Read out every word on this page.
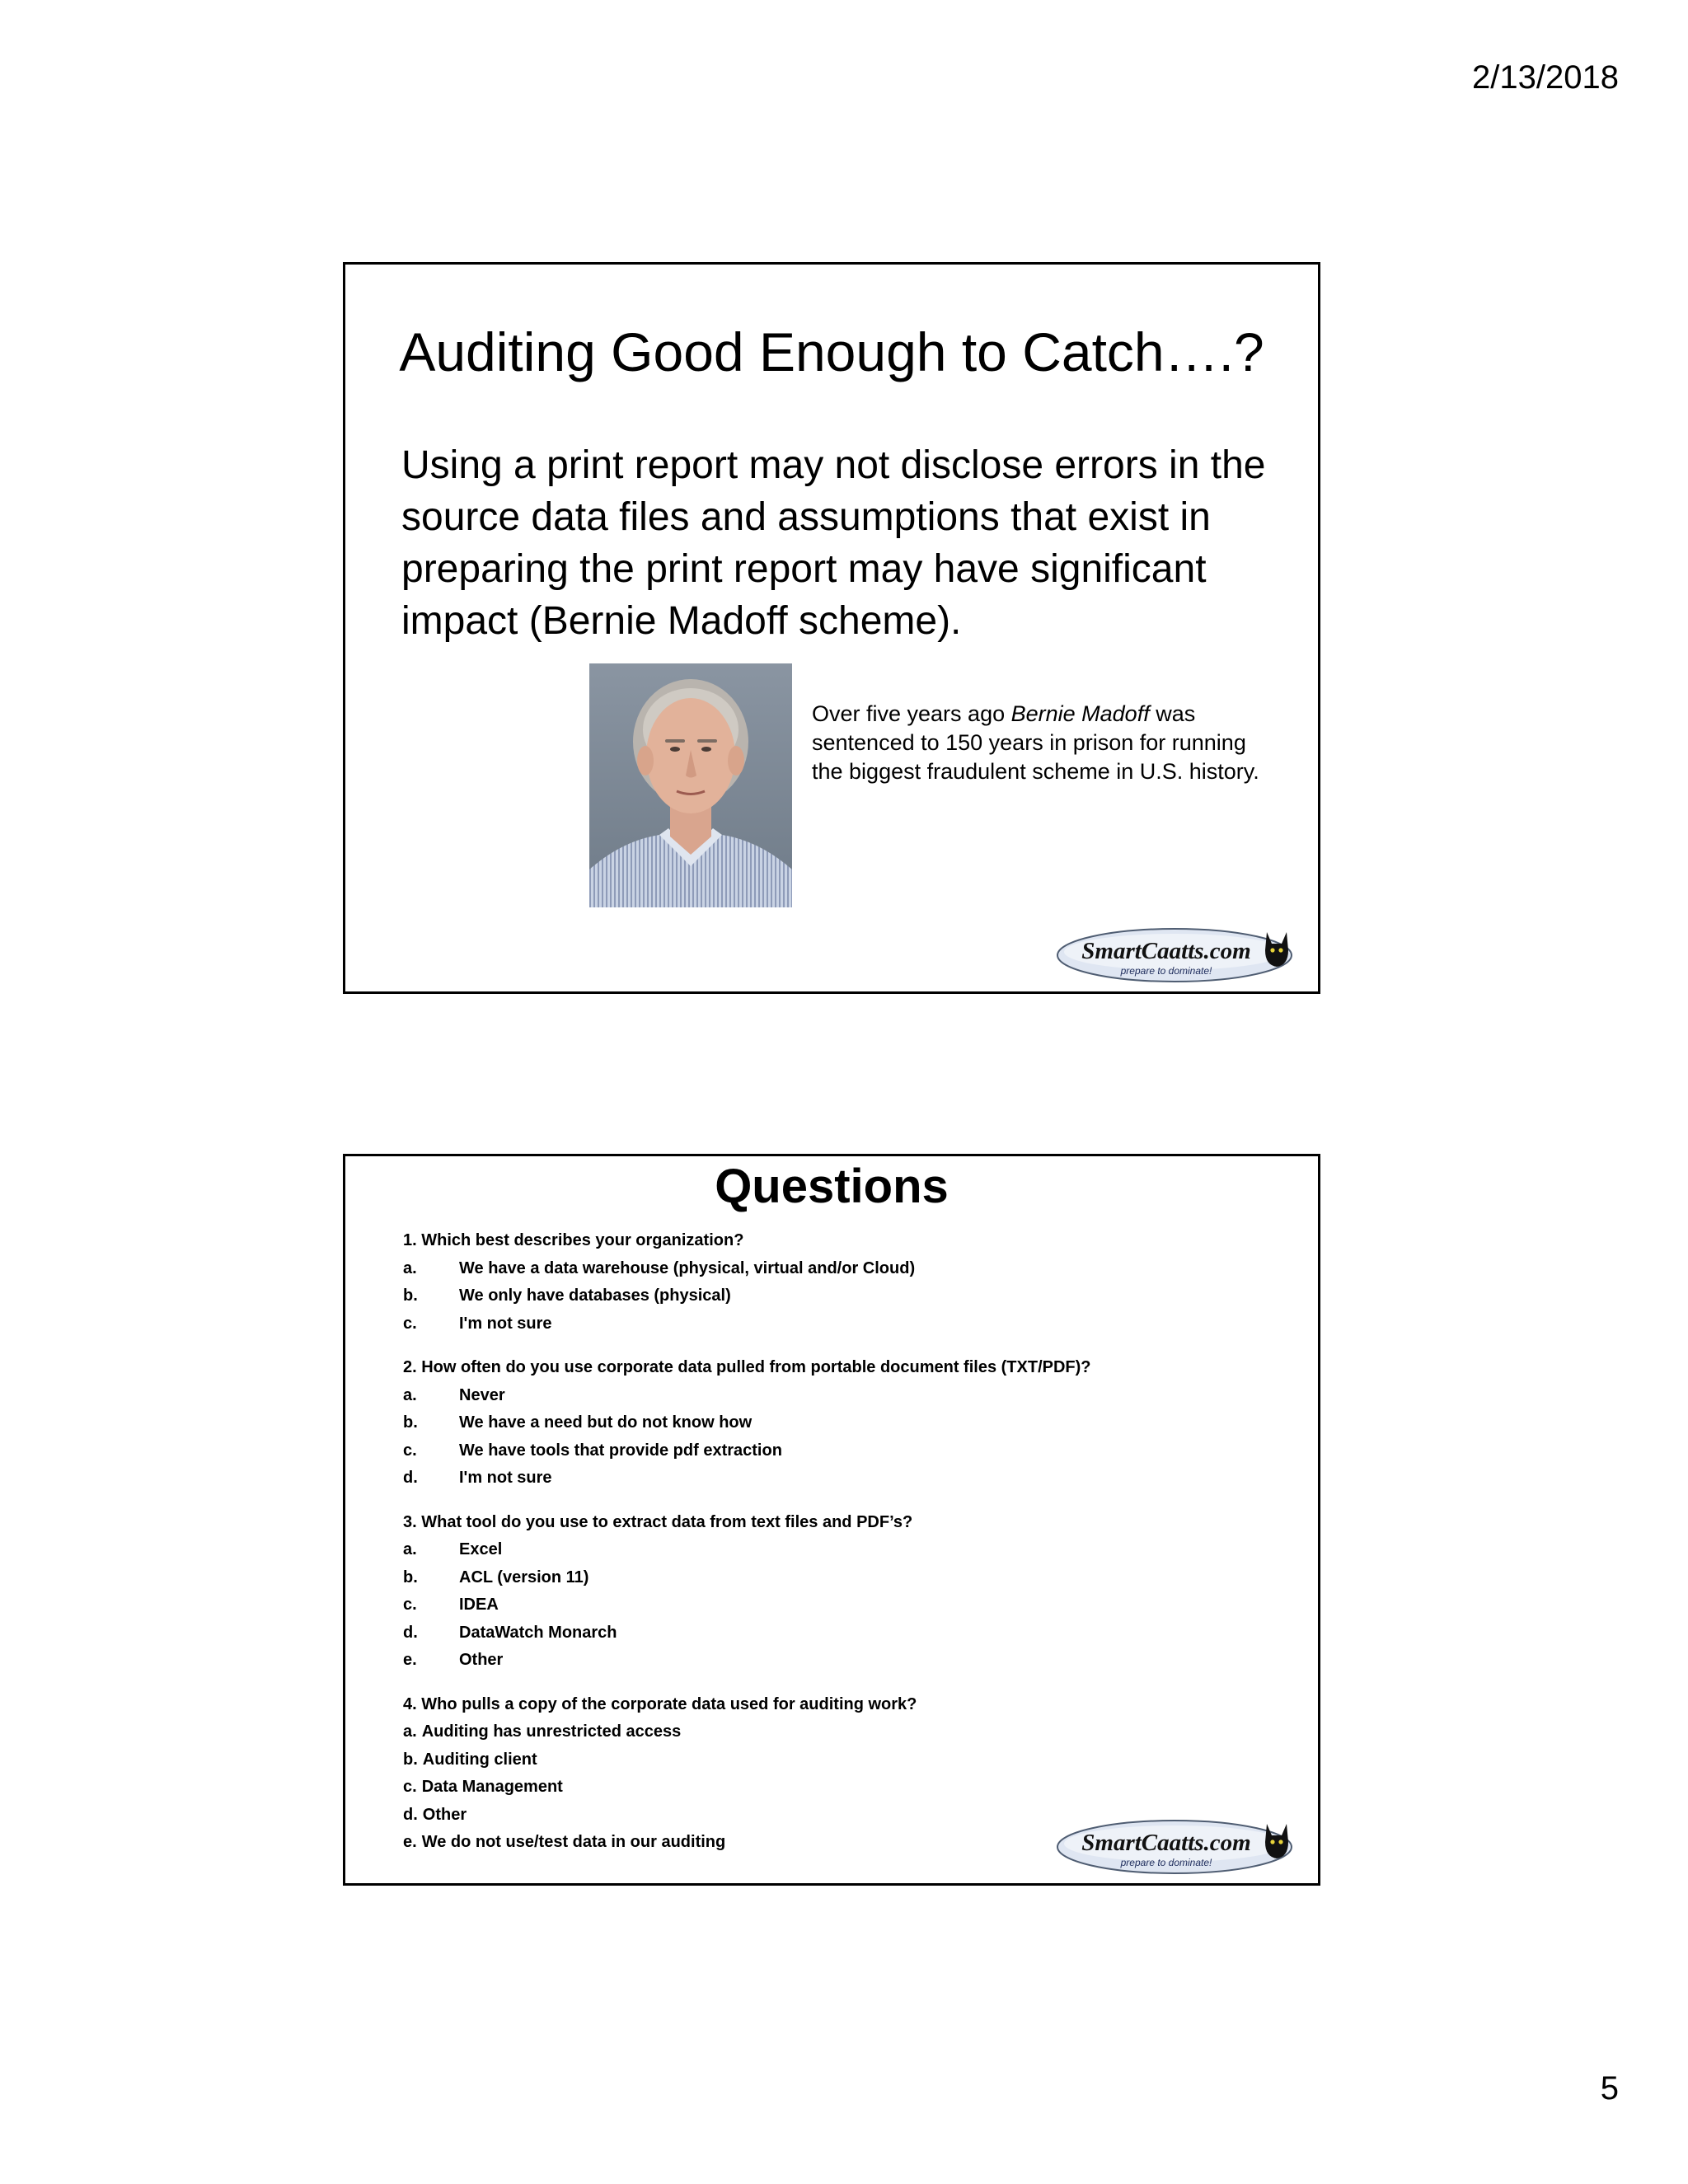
2/13/2018
Auditing Good Enough to Catch….?
Using a print report may not disclose errors in the source data files and assumptions that exist in preparing the print report may have significant impact (Bernie Madoff scheme).
Over five years ago Bernie Madoff was sentenced to 150 years in prison for running the biggest fraudulent scheme in U.S. history.
SmartCaatts.com
prepare to dominate!
Questions
1. Which best describes your organization?
a.	We have a data warehouse (physical, virtual and/or Cloud)
b.	We only have databases (physical)
c.	I'm not sure
2. How often do you use corporate data pulled from portable document files (TXT/PDF)?
a.	Never
b.	We have a need but do not know how
c.	We have tools that provide pdf extraction
d.	I'm not sure
3. What tool do you use to extract data from text files and PDF’s?
a.	Excel
b.	ACL (version 11)
c.	IDEA
d.	DataWatch Monarch
e.	Other
4. Who pulls a copy of the corporate data used for auditing work?
a. Auditing has unrestricted access
b. Auditing client
c. Data Management
d. Other
e. We do not use/test data in our auditing	SmartCaatts.com
prepare to dominate!
5
